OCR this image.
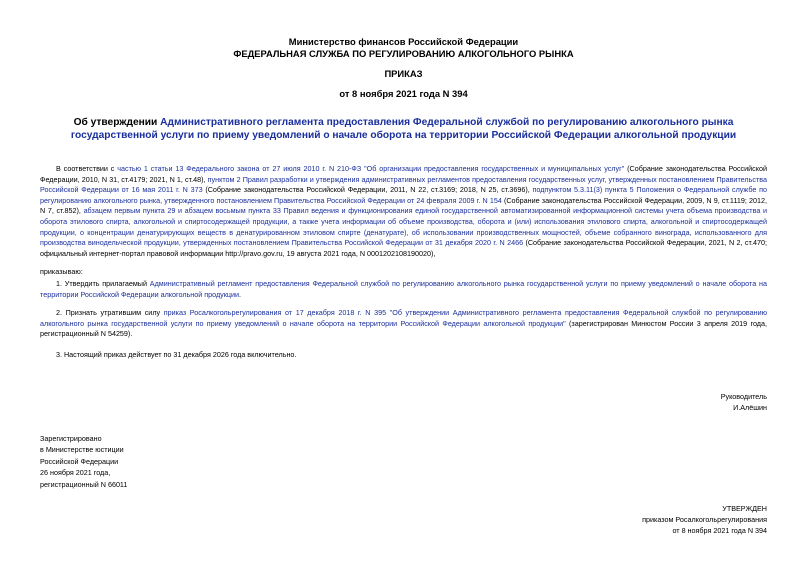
Министерство финансов Российской Федерации
ФЕДЕРАЛЬНАЯ СЛУЖБА ПО РЕГУЛИРОВАНИЮ АЛКОГОЛЬНОГО РЫНКА
ПРИКАЗ
от 8 ноября 2021 года N 394
Об утверждении Административного регламента предоставления Федеральной службой по регулированию алкогольного рынка государственной услуги по приему уведомлений о начале оборота на территории Российской Федерации алкогольной продукции
В соответствии с частью 1 статьи 13 Федерального закона от 27 июля 2010 г. N 210-ФЗ "Об организации предоставления государственных и муниципальных услуг" (Собрание законодательства Российской Федерации, 2010, N 31, ст.4179; 2021, N 1, ст.48), пунктом 2 Правил разработки и утверждения административных регламентов предоставления государственных услуг, утвержденных постановлением Правительства Российской Федерации от 16 мая 2011 г. N 373 (Собрание законодательства Российской Федерации, 2011, N 22, ст.3169; 2018, N 25, ст.3696), подпунктом 5.3.11(3) пункта 5 Положения о Федеральной службе по регулированию алкогольного рынка, утвержденного постановлением Правительства Российской Федерации от 24 февраля 2009 г. N 154 (Собрание законодательства Российской Федерации, 2009, N 9, ст.1119; 2012, N 7, ст.852), абзацем первым пункта 29 и абзацем восьмым пункта 33 Правил ведения и функционирования единой государственной автоматизированной информационной системы учета объема производства и оборота этилового спирта, алкогольной и спиртосодержащей продукции, а также учета информации об объеме производства, оборота и (или) использования этилового спирта, алкогольной и спиртосодержащей продукции, о концентрации денатурирующих веществ в денатурированном этиловом спирте (денатурате), об использовании производственных мощностей, объеме собранного винограда, использованного для производства винодельческой продукции, утвержденных постановлением Правительства Российской Федерации от 31 декабря 2020 г. N 2466 (Собрание законодательства Российской Федерации, 2021, N 2, ст.470; официальный интернет-портал правовой информации http://pravo.gov.ru, 19 августа 2021 года, N 0001202108190020),
приказываю:
1. Утвердить прилагаемый Административный регламент предоставления Федеральной службой по регулированию алкогольного рынка государственной услуги по приему уведомлений о начале оборота на территории Российской Федерации алкогольной продукции.
2. Признать утратившим силу приказ Росалкогольрегулирования от 17 декабря 2018 г. N 395 "Об утверждении Административного регламента предоставления Федеральной службой по регулированию алкогольного рынка государственной услуги по приему уведомлений о начале оборота на территории Российской Федерации алкогольной продукции" (зарегистрирован Минюстом России 3 апреля 2019 года, регистрационный N 54259).
3. Настоящий приказ действует по 31 декабря 2026 года включительно.
Руководитель
И.Алёшин
Зарегистрировано
в Министерстве юстиции
Российской Федерации
26 ноября 2021 года,
регистрационный N 66011
УТВЕРЖДЕН
приказом Росалкогольрегулирования
от 8 ноября 2021 года N 394
